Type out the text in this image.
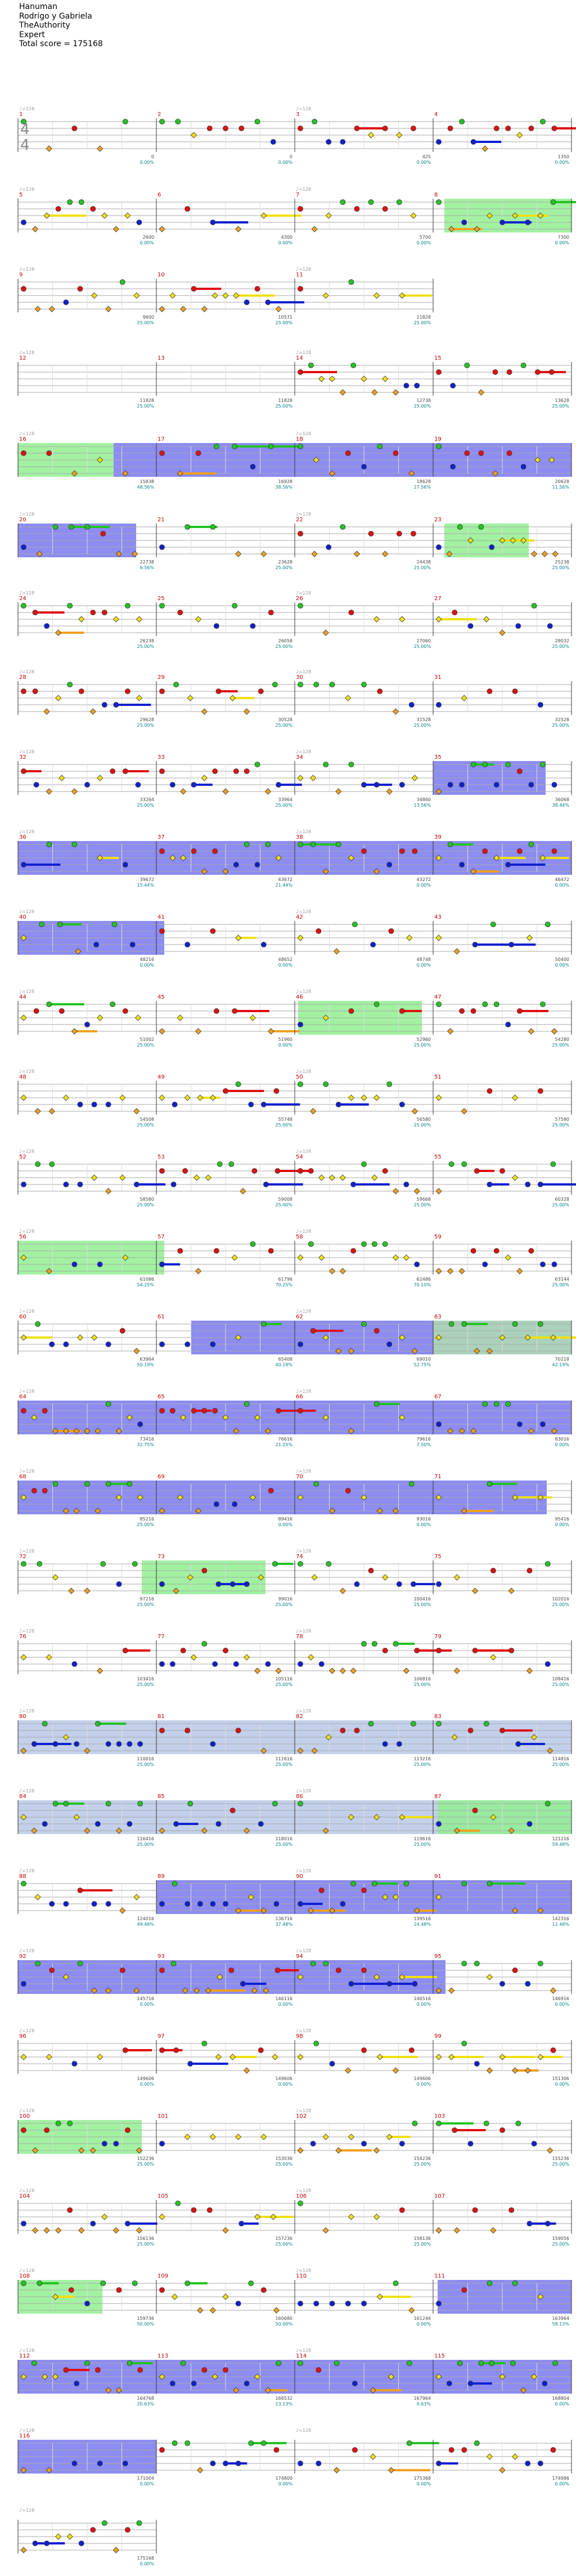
Hanuman
Rodrigo y Gabriela
TheAuthority
Expert
Total score = 175168
1
♪=128
0
0.00%
2
0
0.00%
3
♪=128
425
0.00%
4
1350
0.00%
4
4
5
♪=128
2600
0.00%
6
4300
0.00%
7
♪=128
5700
0.00%
8
7300
0.00%
9
♪=128
9600
25.00%
10
10571
25.00%
11
♪=128
11828
25.00%
12
♪=128
11828
25.00%
13
11828
25.00%
14
♪=128
12738
25.00%
15
13628
25.00%
16
♪=128
15838
48.56%
17
16928
38.56%
18
♪=128
18628
27.56%
19
20628
11.56%
20
♪=128
22738
6.56%
21
23628
25.00%
22
♪=128
24438
25.00%
23
25238
25.00%
24
♪=128
26238
25.00%
25
26058
25.00%
26
♪=128
27060
25.00%
27
28032
25.00%
28
♪=128
29628
25.00%
29
30528
25.00%
30
♪=128
31528
25.00%
31
32528
25.00%
32
♪=128
33264
25.00%
33
33964
25.00%
34
♪=128
34860
13.56%
35
36068
38.44%
36
♪=128
39672
15.44%
37
43672
21.44%
38
♪=128
43272
0.00%
39
46472
0.00%
40
♪=128
48216
0.00%
41
48652
0.00%
42
♪=128
48748
0.00%
43
50400
0.00%
44
♪=128
51002
25.00%
45
51960
0.00%
46
♪=128
52960
25.00%
47
54280
25.00%
48
♪=128
54508
25.00%
49
55748
25.00%
50
♪=128
56580
25.00%
51
57580
25.00%
52
♪=128
58580
25.00%
53
59008
25.00%
54
♪=128
59668
25.00%
55
60328
25.00%
56
♪=128
61086
54.25%
57
61796
70.25%
58
♪=128
62486
70.10%
59
63144
25.00%
60
♪=128
63964
50.19%
61
65408
40.19%
62
♪=128
69010
52.75%
63
70218
42.19%
64
♪=128
73416
32.75%
65
76616
21.25%
66
♪=128
79616
7.50%
67
83016
0.00%
68
♪=128
85216
25.00%
69
89416
0.00%
70
♪=128
93016
0.00%
71
95416
0.00%
72
♪=128
97216
25.00%
73
99016
25.00%
74
♪=128
100416
25.00%
75
102016
25.00%
76
♪=128
103416
25.00%
77
105116
25.00%
78
♪=128
106816
25.00%
79
108416
25.00%
80
♪=128
110016
25.00%
81
111616
25.00%
82
♪=128
113216
25.00%
83
114816
25.00%
84
♪=128
116416
25.00%
85
118016
25.00%
86
♪=128
119616
25.00%
87
121216
59.48%
88
♪=128
124016
49.48%
89
136716
37.48%
90
♪=128
139516
24.48%
91
142316
12.48%
92
♪=128
145716
0.00%
93
146116
0.00%
94
♪=128
146516
0.00%
95
146916
0.00%
96
♪=128
149606
0.00%
97
149606
0.00%
98
♪=128
149606
0.00%
99
151306
0.00%
100
♪=128
152236
25.00%
101
153036
25.00%
102
♪=128
154236
25.00%
103
155236
25.00%
104
♪=128
156136
25.00%
105
157236
25.00%
106
♪=128
158136
25.00%
107
159056
25.00%
108
♪=128
159736
50.00%
109
160680
50.00%
110
♪=128
161244
0.00%
111
163964
58.13%
112
♪=128
164768
20.63%
113
166532
13.13%
114
♪=128
167964
0.63%
115
168804
0.00%
116
♪=128
171004
0.00%
174800
0.00%
♪=128
175368
0.00%
174986
0.00%
♪=128
175168
0.00%
